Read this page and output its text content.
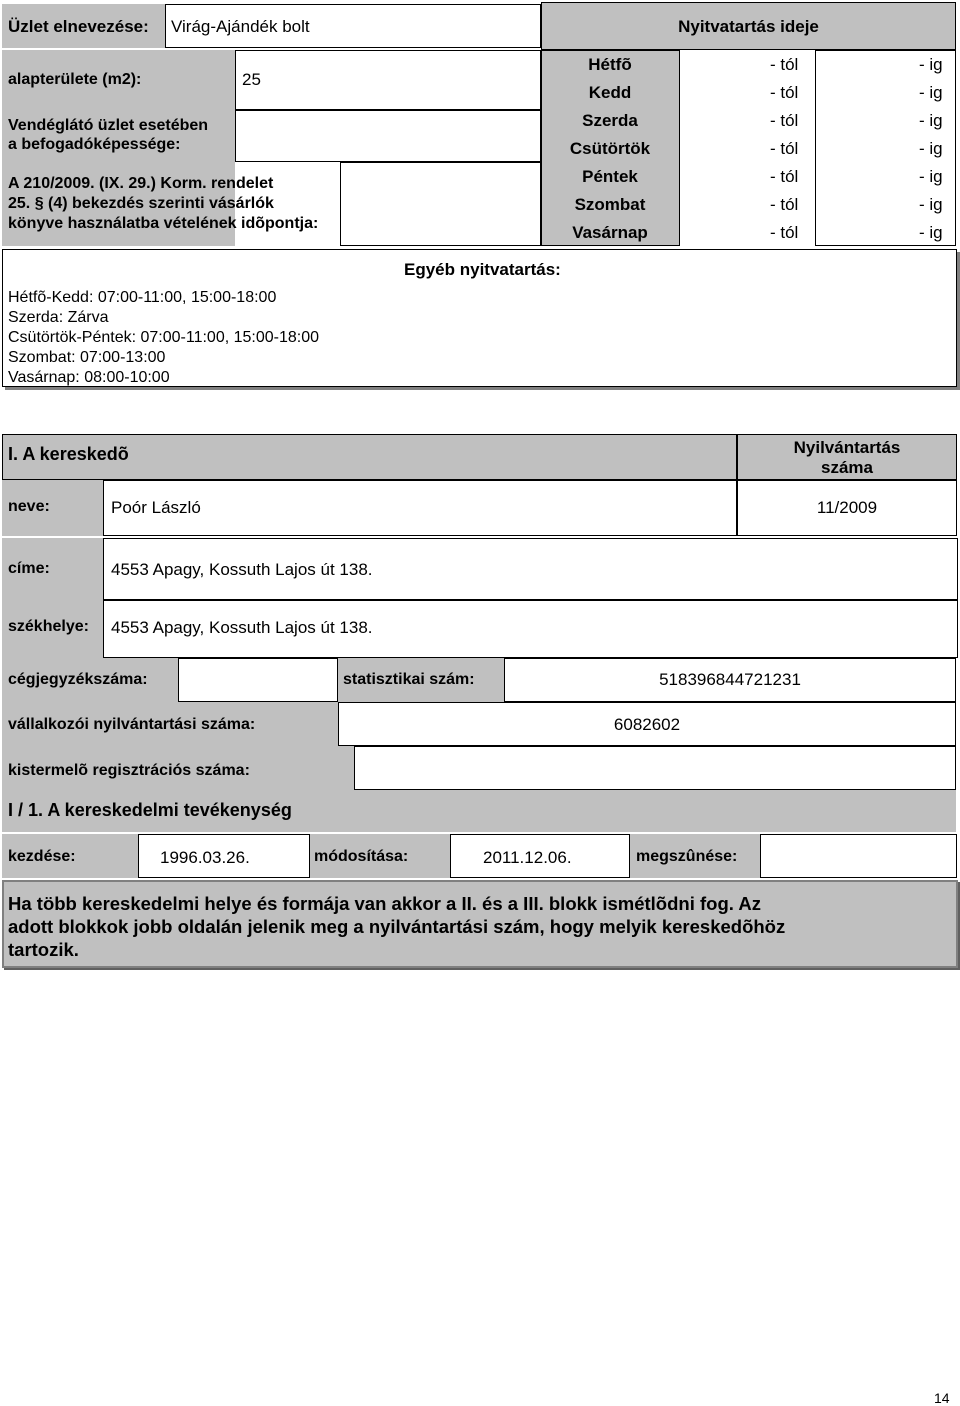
Üzlet elnevezése: Virág-Ajándék bolt
alapterülete (m2):	25
Vendéglátó üzlet esetében
a befogadóképessége:
A 210/2009. (IX. 29.) Korm. rendelet
25. § (4) bekezdés szerinti vásárlók
könyve használatba vételének idõpontja:
Nyitvatartás ideje
Hétfõ	- tól	- ig
Kedd	- tól	- ig
Szerda	- tól	- ig
Csütörtök	- tól	- ig
Péntek	- tól	- ig
Szombat	- tól	- ig
Vasárnap	- tól	- ig
Egyéb nyitvatartás:
Hétfõ-Kedd: 07:00-11:00, 15:00-18:00
Szerda: Zárva
Csütörtök-Péntek: 07:00-11:00, 15:00-18:00
Szombat: 07:00-13:00
Vasárnap: 08:00-10:00
I. A kereskedõ	Nyilvántartás
száma
neve:	Poór László	11/2009
címe:	4553 Apagy, Kossuth Lajos út 138.
székhelye: 4553 Apagy, Kossuth Lajos út 138.
cégjegyzékszáma:	statisztikai szám:	518396844721231
vállalkozói nyilvántartási száma:	6082602
kistermelõ regisztrációs száma:
I / 1. A kereskedelmi tevékenység
kezdése:	1996.03.26.	módosítása:	2011.12.06.	megszûnése:
Ha több kereskedelmi helye és formája van akkor a II. és a III. blokk ismétlõdni fog. Az
adott blokkok jobb oldalán jelenik meg a nyilvántartási szám, hogy melyik kereskedõhöz
tartozik.
14
